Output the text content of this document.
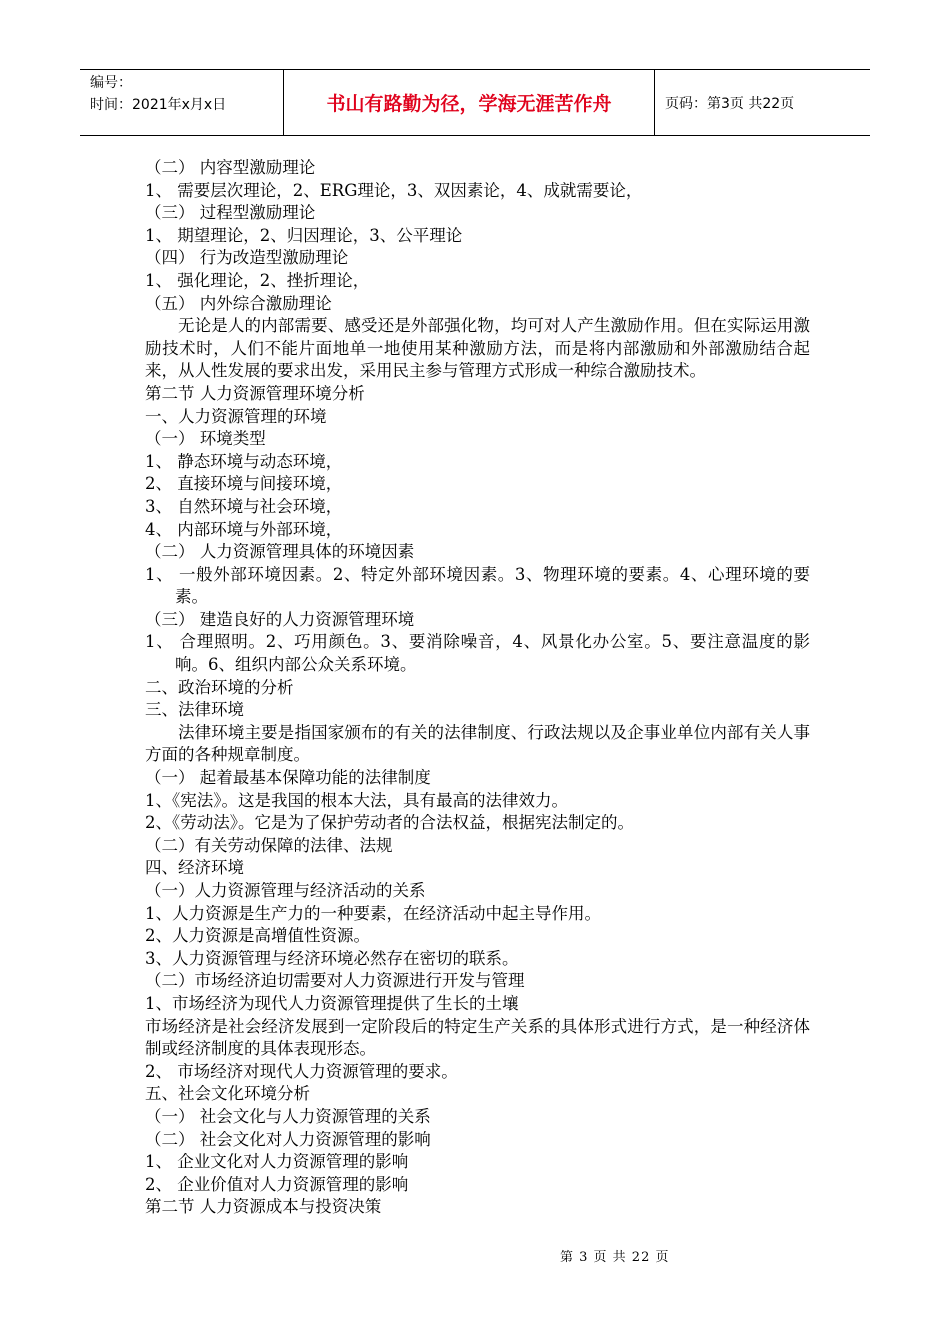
编号：
时间：2021年x月x日	书山有路勤为径，学海无涯苦作舟	页码：第3页 共22页
（二） 内容型激励理论
1、 需要层次理论，2、ERG理论，3、双因素论，4、成就需要论，
（三） 过程型激励理论
1、 期望理论，2、归因理论，3、公平理论
（四） 行为改造型激励理论
1、 强化理论，2、挫折理论，
（五） 内外综合激励理论
无论是人的内部需要、感受还是外部强化物，均可对人产生激励作用。但在实际运用激励技术时，人们不能片面地单一地使用某种激励方法，而是将内部激励和外部激励结合起来，从人性发展的要求出发，采用民主参与管理方式形成一种综合激励技术。
第二节 人力资源管理环境分析
一、人力资源管理的环境
（一） 环境类型
1、 静态环境与动态环境，
2、 直接环境与间接环境，
3、 自然环境与社会环境，
4、 内部环境与外部环境，
（二） 人力资源管理具体的环境因素
1、 一般外部环境因素。2、特定外部环境因素。3、物理环境的要素。4、心理环境的要素。
（三） 建造良好的人力资源管理环境
1、 合理照明。2、巧用颜色。3、要消除噪音，4、风景化办公室。5、要注意温度的影响。6、组织内部公众关系环境。
二、政治环境的分析
三、法律环境
法律环境主要是指国家颁布的有关的法律制度、行政法规以及企事业单位内部有关人事方面的各种规章制度。
（一） 起着最基本保障功能的法律制度
1、《宪法》。这是我国的根本大法，具有最高的法律效力。
2、《劳动法》。它是为了保护劳动者的合法权益，根据宪法制定的。
（二）有关劳动保障的法律、法规
四、经济环境
（一）人力资源管理与经济活动的关系
1、人力资源是生产力的一种要素，在经济活动中起主导作用。
2、人力资源是高增值性资源。
3、人力资源管理与经济环境必然存在密切的联系。
（二）市场经济迫切需要对人力资源进行开发与管理
1、市场经济为现代人力资源管理提供了生长的土壤
市场经济是社会经济发展到一定阶段后的特定生产关系的具体形式进行方式，是一种经济体制或经济制度的具体表现形态。
2、 市场经济对现代人力资源管理的要求。
五、社会文化环境分析
（一） 社会文化与人力资源管理的关系
（二） 社会文化对人力资源管理的影响
1、 企业文化对人力资源管理的影响
2、 企业价值对人力资源管理的影响
第二节 人力资源成本与投资决策
第 3 页 共 22 页
